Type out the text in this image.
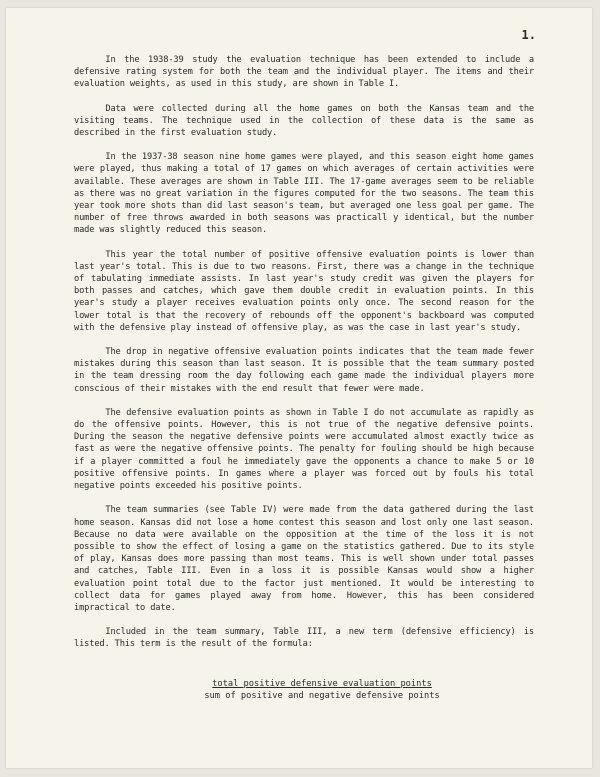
1.

In the 1938-39 study the evaluation technique has been extended to include a defensive rating system for both the team and the individual player. The items and their evaluation weights, as used in this study, are shown in Table I.

Data were collected during all the home games on both the Kansas team and the visiting teams. The technique used in the collection of these data is the same as described in the first evaluation study.

In the 1937-38 season nine home games were played, and this season eight home games were played, thus making a total of 17 games on which averages of certain activities were available. These averages are shown in Table III. The 17-game averages seem to be reliable as there was no great variation in the figures computed for the two seasons. The team this year took more shots than did last season's team, but averaged one less goal per game. The number of free throws awarded in both seasons was practicall y identical, but the number made was slightly reduced this season.

This year the total number of positive offensive evaluation points is lower than last year's total. This is due to two reasons. First, there was a change in the technique of tabulating immediate assists. In last year's study credit was given the players for both passes and catches, which gave them double credit in evaluation points. In this year's study a player receives evaluation points only once. The second reason for the lower total is that the recovery of rebounds off the opponent's backboard was computed with the defensive play instead of offensive play, as was the case in last year's study.

The drop in negative offensive evaluation points indicates that the team made fewer mistakes during this season than last season. It is possible that the team summary posted in the team dressing room the day following each game made the individual players more conscious of their mistakes with the end result that fewer were made.

The defensive evaluation points as shown in Table I do not accumulate as rapidly as do the offensive points. However, this is not true of the negative defensive points. During the season the negative defensive points were accumulated almost exactly twice as fast as were the negative offensive points. The penalty for fouling should be high because if a player committed a foul he immediately gave the opponents a chance to make 5 or 10 positive offensive points. In games where a player was forced out by fouls his total negative points exceeded his positive points.

The team summaries (see Table IV) were made from the data gathered during the last home season. Kansas did not lose a home contest this season and lost only one last season. Because no data were available on the opposition at the time of the loss it is not possible to show the effect of losing a game on the statistics gathered. Due to its style of play, Kansas does more passing than most teams. This is well shown under total passes and catches, Table III. Even in a loss it is possible Kansas would show a higher evaluation point total due to the factor just mentioned. It would be interesting to collect data for games played away from home. However, this has been considered impractical to date.

Included in the team summary, Table III, a new term (defensive efficiency) is listed. This term is the result of the formula:

total positive defensive evaluation points
sum of positive and negative defensive points
